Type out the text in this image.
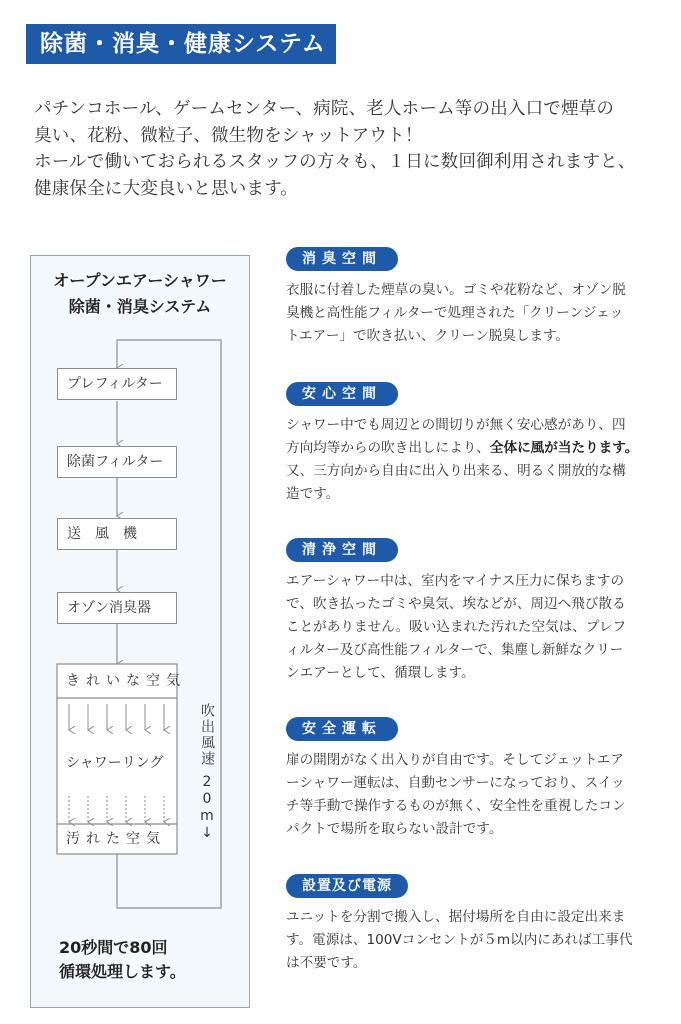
除菌・消臭・健康システム
パチンコホール、ゲームセンター、病院、老人ホーム等の出入口で煙草の
臭い、花粉、微粒子、微生物をシャットアウト！
ホールで働いておられるスタッフの方々も、１日に数回御利用されますと、
健康保全に大変良いと思います。
オープンエアーシャワー
除菌・消臭システム
プレフィルター
除菌フィルター
送風機
オゾン消臭器
きれいな空気
シャワーリング
汚れた空気
吹出風速
20m↓
20秒間で80回
循環処理します。
消臭空間
衣服に付着した煙草の臭い。ゴミや花粉など、オゾン脱
臭機と高性能フィルターで処理された「クリーンジェッ
トエアー」で吹き払い、クリーン脱臭します。
安心空間
シャワー中でも周辺との間切りが無く安心感があり、四
方向均等からの吹き出しにより、全体に風が当たります。
又、三方向から自由に出入り出来る、明るく開放的な構
造です。
清浄空間
エアーシャワー中は、室内をマイナス圧力に保ちますの
で、吹き払ったゴミや臭気、埃などが、周辺へ飛び散る
ことがありません。吸い込まれた汚れた空気は、プレフ
ィルター及び高性能フィルターで、集塵し新鮮なクリー
ンエアーとして、循環します。
安全運転
扉の開閉がなく出入りが自由です。そしてジェットエア
ーシャワー運転は、自動センサーになっており、スイッ
チ等手動で操作するものが無く、安全性を重視したコン
パクトで場所を取らない設計です。
設置及び電源
ユニットを分割で搬入し、据付場所を自由に設定出来ま
す。電源は、100Vコンセントが５m以内にあれば工事代
は不要です。
